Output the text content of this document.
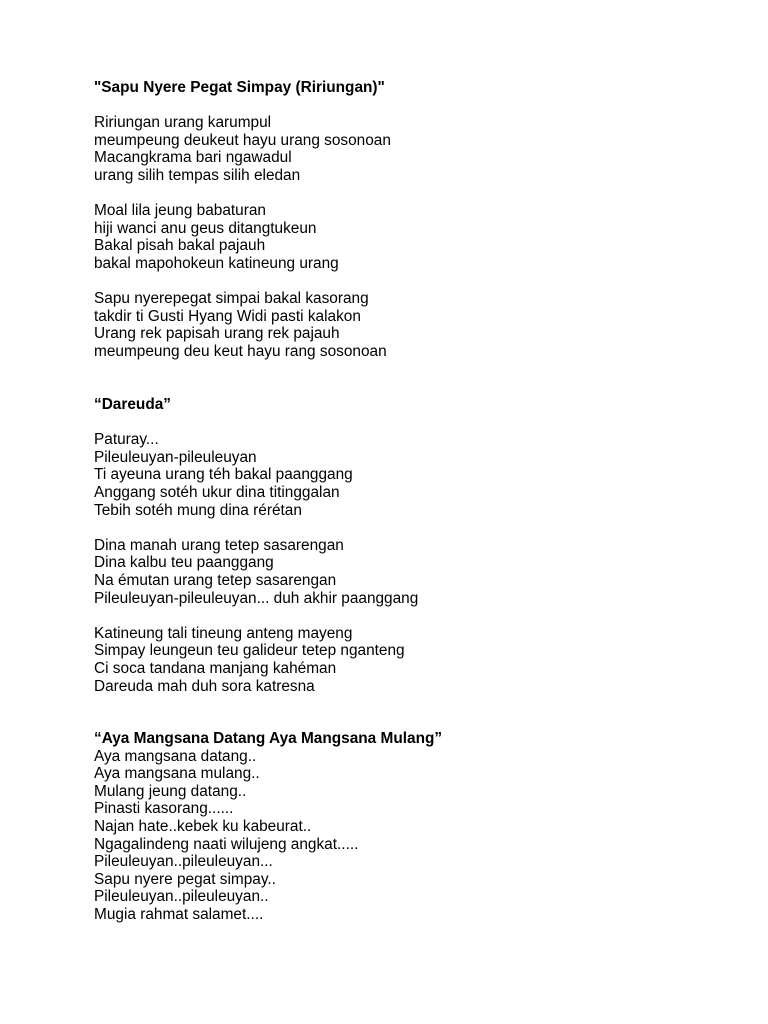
"Sapu Nyere Pegat Simpay (Ririungan)"
Ririungan urang karumpul
meumpeung deukeut hayu urang sosonoan
Macangkrama bari ngawadul
urang silih tempas silih eledan
Moal lila jeung babaturan
hiji wanci anu geus ditangtukeun
Bakal pisah bakal pajauh
bakal mapohokeun katineung urang
Sapu nyerepegat simpai bakal kasorang
takdir ti Gusti Hyang Widi pasti kalakon
Urang rek papisah urang rek pajauh
meumpeung deu keut hayu rang sosonoan
“Dareuda”
Paturay...
Pileuleuyan-pileuleuyan
Ti ayeuna urang téh bakal paanggang
Anggang sotéh ukur dina titinggalan
Tebih sotéh mung dina rérétan
Dina manah urang tetep sasarengan
Dina kalbu teu paanggang
Na émutan urang tetep sasarengan
Pileuleuyan-pileuleuyan... duh akhir paanggang
Katineung tali tineung anteng mayeng
Simpay leungeun teu galideur tetep nganteng
Ci soca tandana manjang kahéman
Dareuda mah duh sora katresna
“Aya Mangsana Datang Aya Mangsana Mulang”
Aya mangsana datang..
Aya mangsana mulang..
Mulang jeung datang..
Pinasti kasorang......
Najan hate..kebek ku kabeurat..
Ngagalindeng naati wilujeng angkat.....
Pileuleuyan..pileuleuyan...
Sapu nyere pegat simpay..
Pileuleuyan..pileuleuyan..
Mugia rahmat salamet....
